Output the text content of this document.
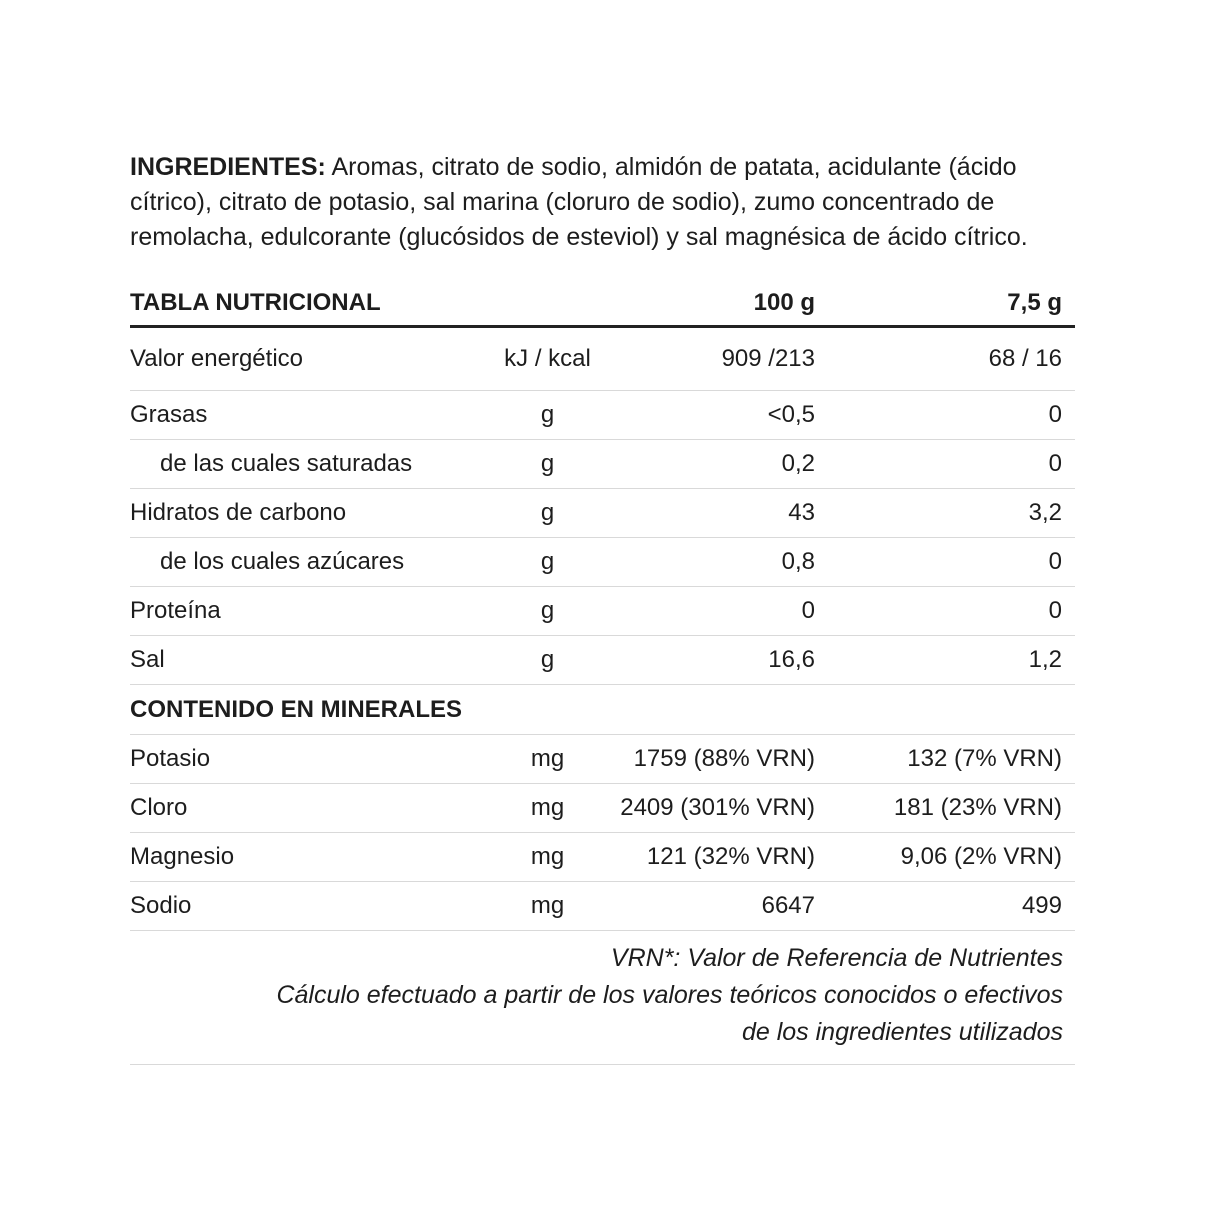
INGREDIENTES: Aromas, citrato de sodio, almidón de patata, acidulante (ácido cítrico), citrato de potasio, sal marina (cloruro de sodio), zumo concentrado de remolacha, edulcorante (glucósidos de esteviol) y sal magnésica de ácido cítrico.

TABLA NUTRICIONAL		100 g	7,5 g
Valor energético	kJ / kcal	909 /213	68 / 16
Grasas	g	<0,5	0
de las cuales saturadas	g	0,2	0
Hidratos de carbono	g	43	3,2
de los cuales azúcares	g	0,8	0
Proteína	g	0	0
Sal	g	16,6	1,2
CONTENIDO EN MINERALES			
Potasio	mg	1759 (88% VRN)	132 (7% VRN)
Cloro	mg	2409 (301% VRN)	181 (23% VRN)
Magnesio	mg	121 (32% VRN)	9,06 (2% VRN)
Sodio	mg	6647	499

VRN*: Valor de Referencia de Nutrientes

Cálculo efectuado a partir de los valores teóricos conocidos o efectivos de los ingredientes utilizados
